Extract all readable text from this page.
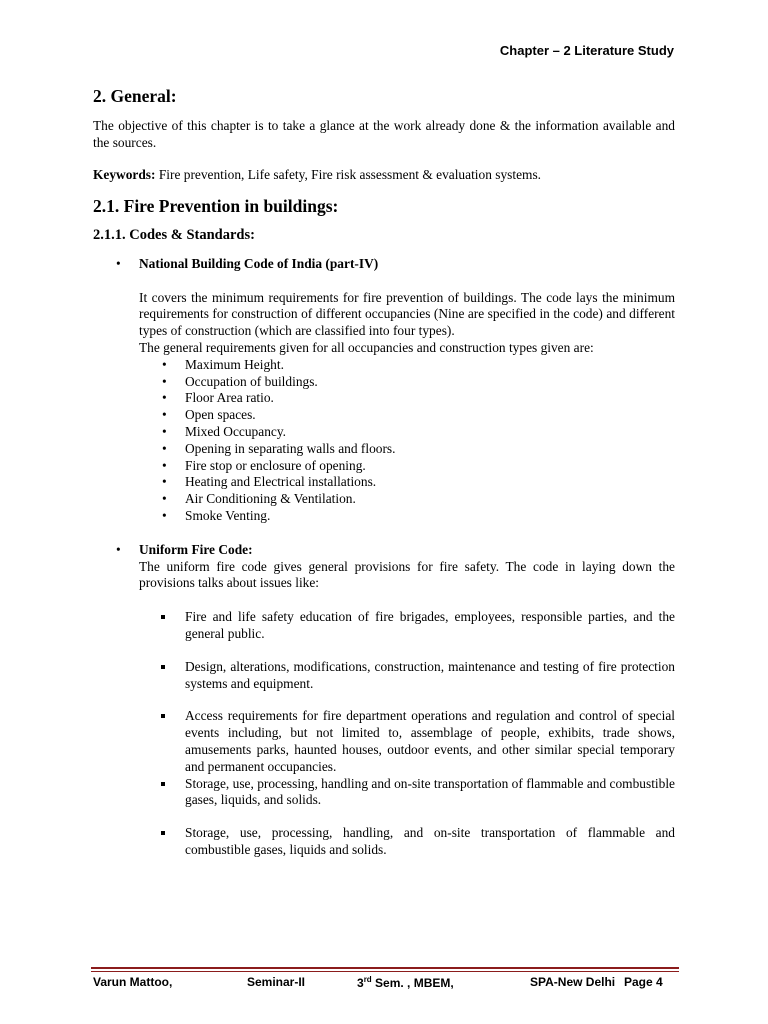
Chapter – 2 Literature Study
2. General:

The objective of this chapter is to take a glance at the work already done & the information available and the sources.

Keywords: Fire prevention, Life safety, Fire risk assessment & evaluation systems.

2.1. Fire Prevention in buildings:
2.1.1. Codes & Standards:
• National Building Code of India (part-IV)

It covers the minimum requirements for fire prevention of buildings. The code lays the minimum requirements for construction of different occupancies (Nine are specified in the code) and different types of construction (which are classified into four types).

The general requirements given for all occupancies and construction types given are:

• Maximum Height.
• Occupation of buildings.
• Floor Area ratio.
• Open spaces.
• Mixed Occupancy.
• Opening in separating walls and floors.
• Fire stop or enclosure of opening.
• Heating and Electrical installations.
• Air Conditioning & Ventilation.
• Smoke Venting.
• Uniform Fire Code:

The uniform fire code gives general provisions for fire safety. The code in laying down the provisions talks about issues like:

Fire and life safety education of fire brigades, employees, responsible parties, and the general public.
Design, alterations, modifications, construction, maintenance and testing of fire protection systems and equipment.
Access requirements for fire department operations and regulation and control of special events including, but not limited to, assemblage of people, exhibits, trade shows, amusements parks, haunted houses, outdoor events, and other similar special temporary and permanent occupancies.
Storage, use, processing, handling and on-site transportation of flammable and combustible gases, liquids, and solids.
Storage, use, processing, handling, and on-site transportation of flammable and combustible gases, liquids and solids.
Varun Mattoo,	Seminar-II	3rd Sem. , MBEM,	SPA-New Delhi Page 4
